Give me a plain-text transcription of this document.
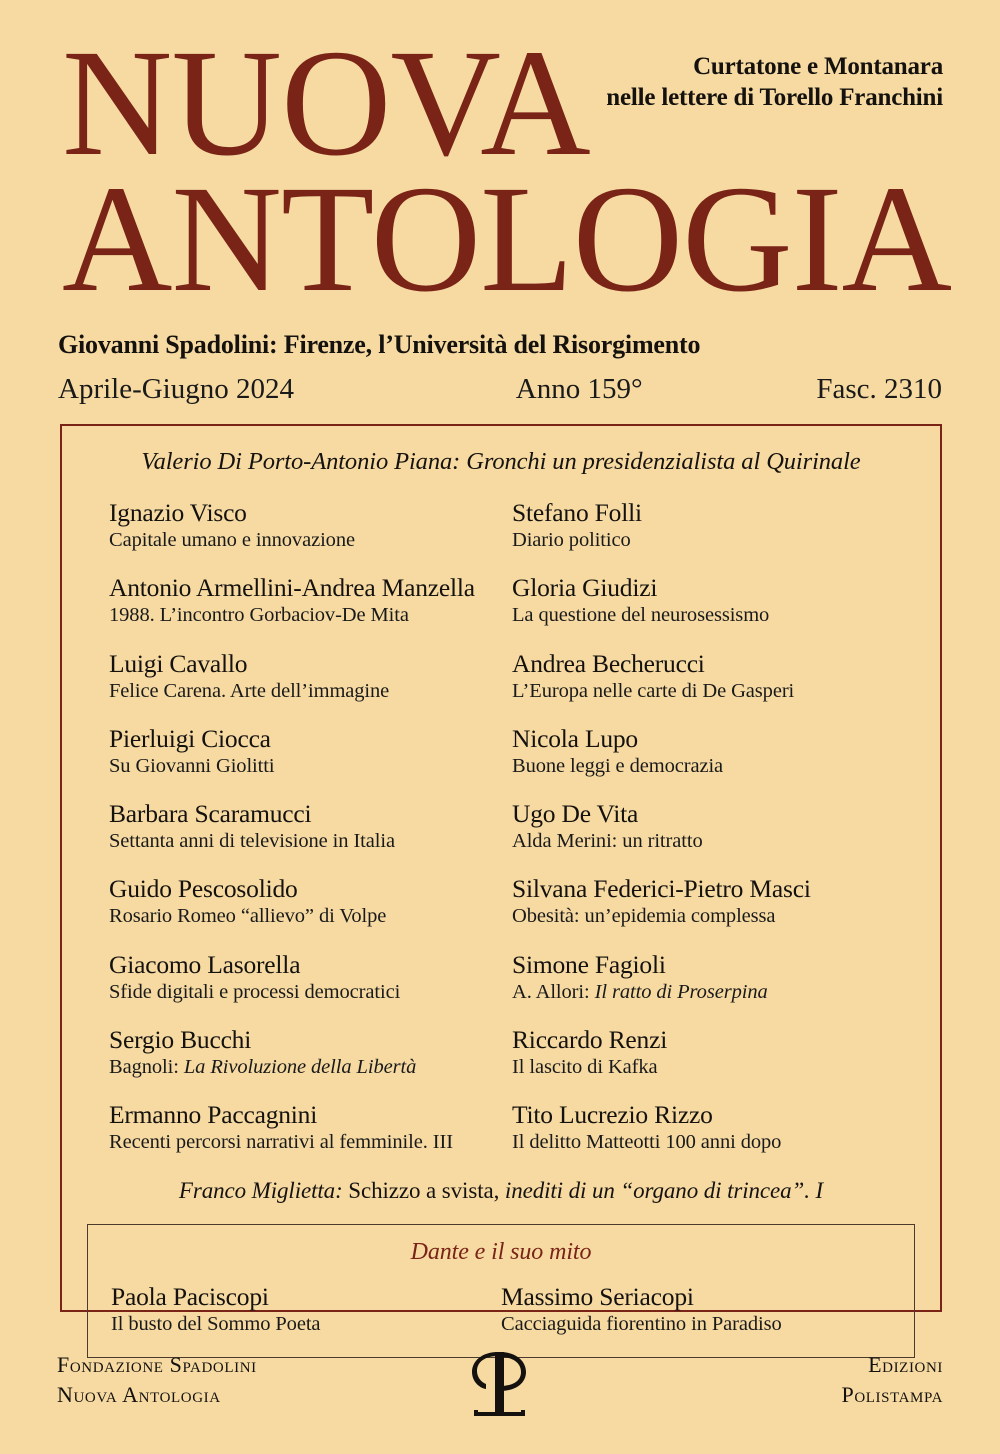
Curtatone e Montanara
nelle lettere di Torello Franchini
NUOVA
ANTOLOGIA
Giovanni Spadolini: Firenze, l’Università del Risorgimento
Aprile-Giugno 2024	Anno 159°	Fasc. 2310
Valerio Di Porto-Antonio Piana: Gronchi un presidenzialista al Quirinale
Ignazio Visco
Capitale umano e innovazione
Antonio Armellini-Andrea Manzella
1988. L’incontro Gorbaciov-De Mita
Luigi Cavallo
Felice Carena. Arte dell’immagine
Pierluigi Ciocca
Su Giovanni Giolitti
Barbara Scaramucci
Settanta anni di televisione in Italia
Guido Pescosolido
Rosario Romeo “allievo” di Volpe
Giacomo Lasorella
Sfide digitali e processi democratici
Sergio Bucchi
Bagnoli: La Rivoluzione della Libertà
Ermanno Paccagnini
Recenti percorsi narrativi al femminile. III
Stefano Folli
Diario politico
Gloria Giudizi
La questione del neurosessismo
Andrea Becherucci
L’Europa nelle carte di De Gasperi
Nicola Lupo
Buone leggi e democrazia
Ugo De Vita
Alda Merini: un ritratto
Silvana Federici-Pietro Masci
Obesità: un’epidemia complessa
Simone Fagioli
A. Allori: Il ratto di Proserpina
Riccardo Renzi
Il lascito di Kafka
Tito Lucrezio Rizzo
Il delitto Matteotti 100 anni dopo
Franco Miglietta: Schizzo a svista, inediti di un “organo di trincea”. I
Dante e il suo mito
Paola Paciscopi
Il busto del Sommo Poeta
Massimo Seriacopi
Cacciaguida fiorentino in Paradiso
Fondazione Spadolini
Nuova Antologia
Edizioni
Polistampa
